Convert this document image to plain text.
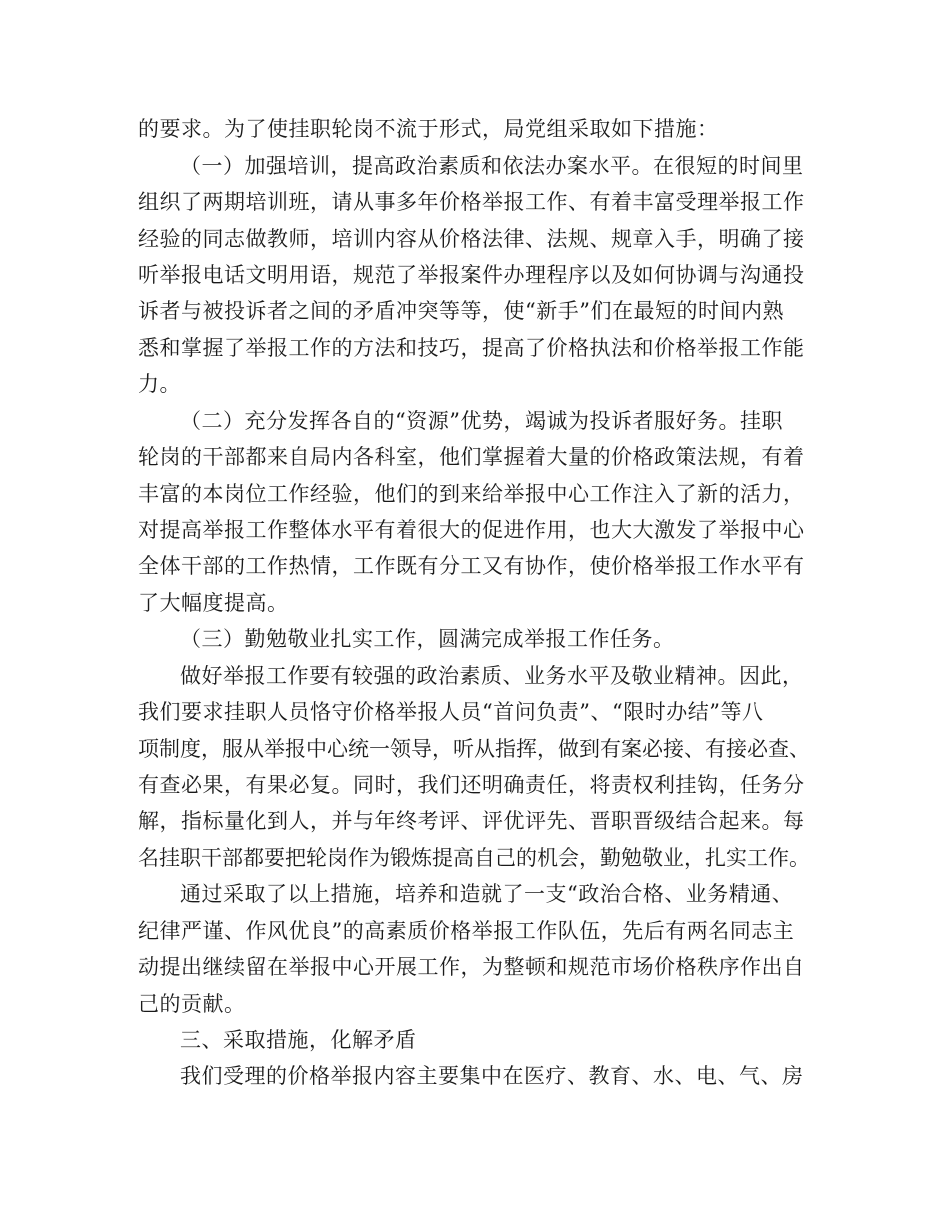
的要求。为了使挂职轮岗不流于形式，局党组采取如下措施：
（一）加强培训，提高政治素质和依法办案水平。在很短的时间里
组织了两期培训班，请从事多年价格举报工作、有着丰富受理举报工作
经验的同志做教师，培训内容从价格法律、法规、规章入手，明确了接
听举报电话文明用语，规范了举报案件办理程序以及如何协调与沟通投
诉者与被投诉者之间的矛盾冲突等等，使“新手”们在最短的时间内熟
悉和掌握了举报工作的方法和技巧，提高了价格执法和价格举报工作能
力。
（二）充分发挥各自的“资源”优势，竭诚为投诉者服好务。挂职
轮岗的干部都来自局内各科室，他们掌握着大量的价格政策法规，有着
丰富的本岗位工作经验，他们的到来给举报中心工作注入了新的活力，
对提高举报工作整体水平有着很大的促进作用，也大大激发了举报中心
全体干部的工作热情，工作既有分工又有协作，使价格举报工作水平有
了大幅度提高。
（三）勤勉敬业扎实工作，圆满完成举报工作任务。
做好举报工作要有较强的政治素质、业务水平及敬业精神。因此，
我们要求挂职人员恪守价格举报人员“首问负责”、“限时办结”等八
项制度，服从举报中心统一领导，听从指挥，做到有案必接、有接必查、
有查必果，有果必复。同时，我们还明确责任，将责权利挂钩，任务分
解，指标量化到人，并与年终考评、评优评先、晋职晋级结合起来。每
名挂职干部都要把轮岗作为锻炼提高自己的机会，勤勉敬业，扎实工作。
通过采取了以上措施，培养和造就了一支“政治合格、业务精通、
纪律严谨、作风优良”的高素质价格举报工作队伍，先后有两名同志主
动提出继续留在举报中心开展工作，为整顿和规范市场价格秩序作出自
己的贡献。
三、采取措施，化解矛盾
我们受理的价格举报内容主要集中在医疗、教育、水、电、气、房
